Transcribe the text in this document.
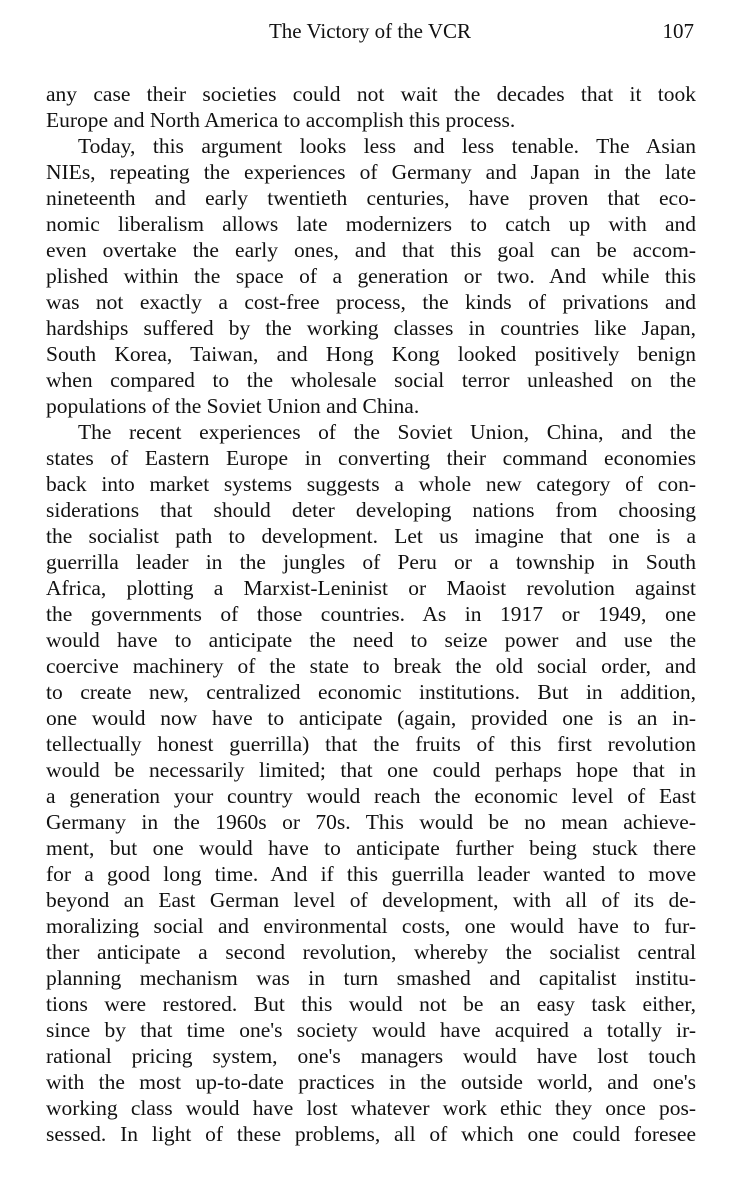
The Victory of the VCR	107

any case their societies could not wait the decades that it took
Europe and North America to accomplish this process.

Today, this argument looks less and less tenable. The Asian
NIEs, repeating the experiences of Germany and Japan in the late
nineteenth and early twentieth centuries, have proven that eco-
nomic liberalism allows late modernizers to catch up with and
even overtake the early ones, and that this goal can be accom-
plished within the space of a generation or two. And while this
was not exactly a cost-free process, the kinds of privations and
hardships suffered by the working classes in countries like Japan,
South Korea, Taiwan, and Hong Kong looked positively benign
when compared to the wholesale social terror unleashed on the
populations of the Soviet Union and China.

The recent experiences of the Soviet Union, China, and the
states of Eastern Europe in converting their command economies
back into market systems suggests a whole new category of con-
siderations that should deter developing nations from choosing
the socialist path to development. Let us imagine that one is a
guerrilla leader in the jungles of Peru or a township in South
Africa, plotting a Marxist-Leninist or Maoist revolution against
the governments of those countries. As in 1917 or 1949, one
would have to anticipate the need to seize power and use the
coercive machinery of the state to break the old social order, and
to create new, centralized economic institutions. But in addition,
one would now have to anticipate (again, provided one is an in-
tellectually honest guerrilla) that the fruits of this first revolution
would be necessarily limited; that one could perhaps hope that in
a generation your country would reach the economic level of East
Germany in the 1960s or 70s. This would be no mean achieve-
ment, but one would have to anticipate further being stuck there
for a good long time. And if this guerrilla leader wanted to move
beyond an East German level of development, with all of its de-
moralizing social and environmental costs, one would have to fur-
ther anticipate a second revolution, whereby the socialist central
planning mechanism was in turn smashed and capitalist institu-
tions were restored. But this would not be an easy task either,
since by that time one's society would have acquired a totally ir-
rational pricing system, one's managers would have lost touch
with the most up-to-date practices in the outside world, and one's
working class would have lost whatever work ethic they once pos-
sessed. In light of these problems, all of which one could foresee
